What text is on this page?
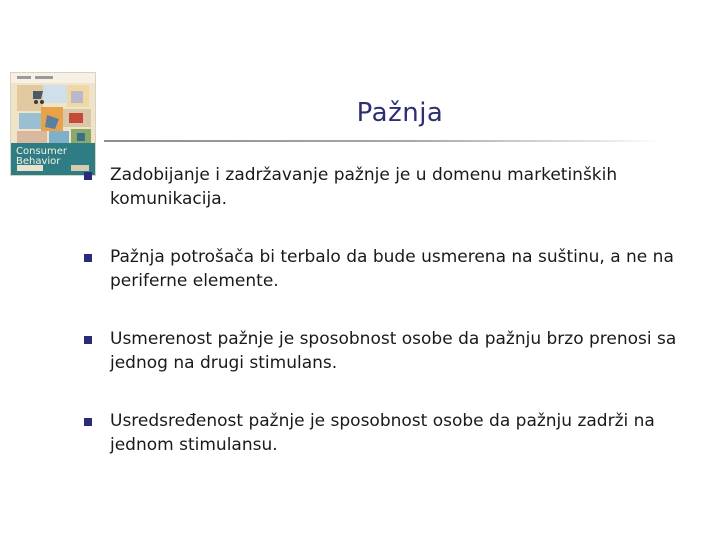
Consumer
Behavior
Pažnja
Zadobijanje i zadržavanje pažnje je u domenu marketinških komunikacija.
Pažnja potrošača bi terbalo da bude usmerena na suštinu, a ne na periferne elemente.
Usmerenost pažnje je sposobnost osobe da pažnju brzo prenosi sa jednog na drugi stimulans.
Usredsređenost pažnje je sposobnost osobe da pažnju zadrži na jednom stimulansu.
